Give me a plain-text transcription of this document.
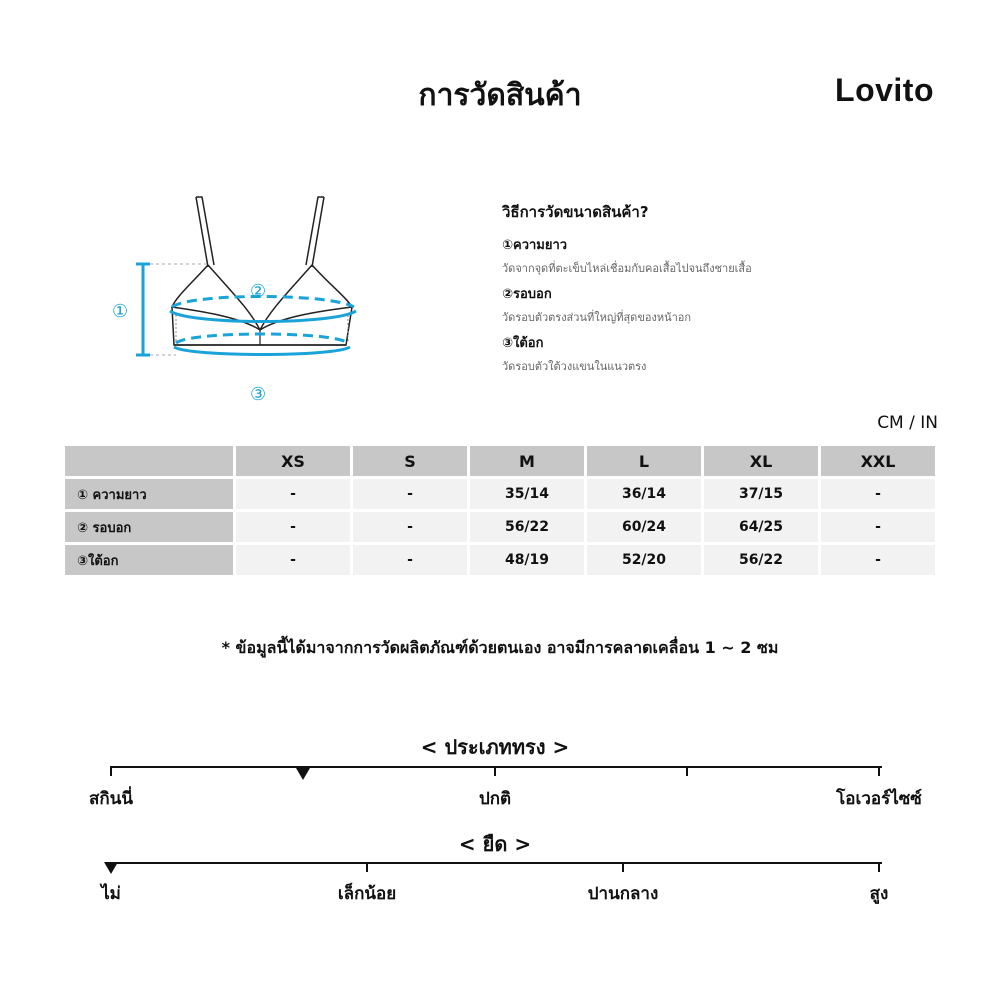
การวัดสินค้า	Lovito
①
②
③
วิธีการวัดขนาดสินค้า?
①ความยาว
วัดจากจุดที่ตะเข็บไหล่เชื่อมกับคอเสื้อไปจนถึงชายเสื้อ
②รอบอก
วัดรอบตัวตรงส่วนที่ใหญ่ที่สุดของหน้าอก
③ใต้อก
วัดรอบตัวใต้วงแขนในแนวตรง
CM / IN
	XS	S	M	L	XL	XXL
① ความยาว	-	-	35/14	36/14	37/15	-
② รอบอก	-	-	56/22	60/24	64/25	-
③ใต้อก	-	-	48/19	52/20	56/22	-
* ข้อมูลนี้ได้มาจากการวัดผลิตภัณฑ์ด้วยตนเอง อาจมีการคลาดเคลื่อน 1 ~ 2 ซม
< ประเภททรง >
สกินนี่	ปกติ	โอเวอร์ไซซ์
< ยืด >
ไม่	เล็กน้อย	ปานกลาง	สูง
